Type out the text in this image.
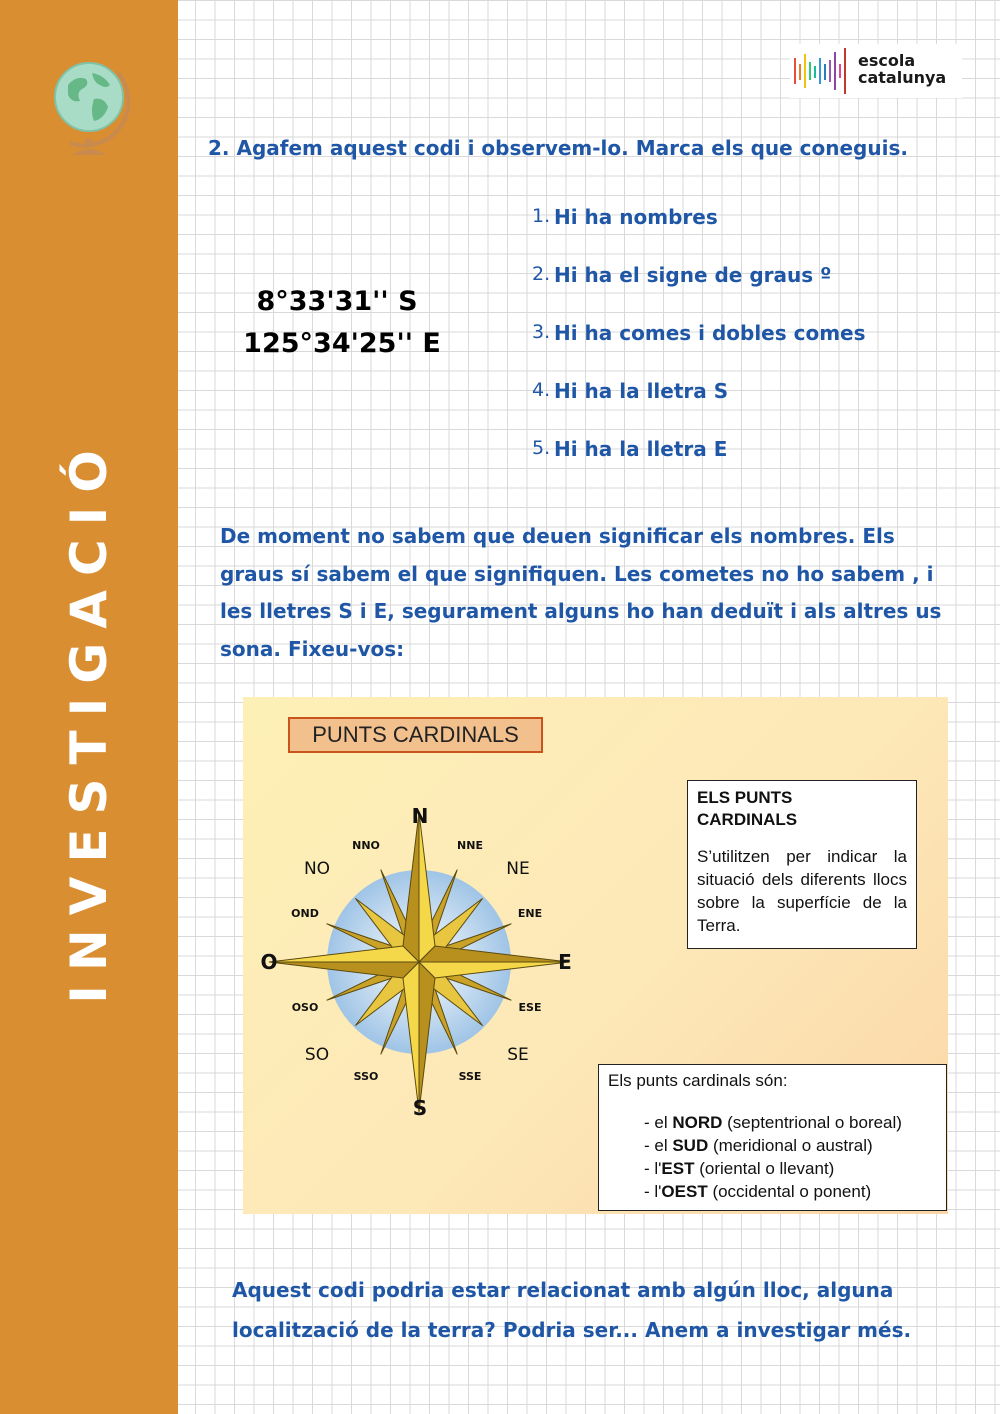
INVESTIGACIÓ
escola
catalunya
2. Agafem aquest codi i observem-lo. Marca els que coneguis.
8°33'31'' S
125°34'25'' E
1. Hi ha nombres
2. Hi ha el signe de graus º
3. Hi ha comes i dobles comes
4. Hi ha la lletra S
5. Hi ha la lletra E
De moment no sabem que deuen significar els nombres. Els graus sí sabem el que signifiquen. Les cometes no ho sabem , i les lletres S i E, segurament alguns ho han deduït i als altres us sona. Fixeu-vos:
PUNTS CARDINALS
N
S
E
O
NE
NO
SE
SO
NNO	NNE
OND	ENE
OSO	ESE
SSO	SSE
ELS PUNTS
CARDINALS
S’utilitzen per indicar la situació dels diferents llocs sobre la superfície de la Terra.
Els punts cardinals són:
- el NORD (septentrional o boreal)
- el SUD (meridional o austral)
- l'EST (oriental o llevant)
- l'OEST (occidental o ponent)
Aquest codi podria estar relacionat amb algún lloc, alguna localització de la terra? Podria ser... Anem a investigar més.
